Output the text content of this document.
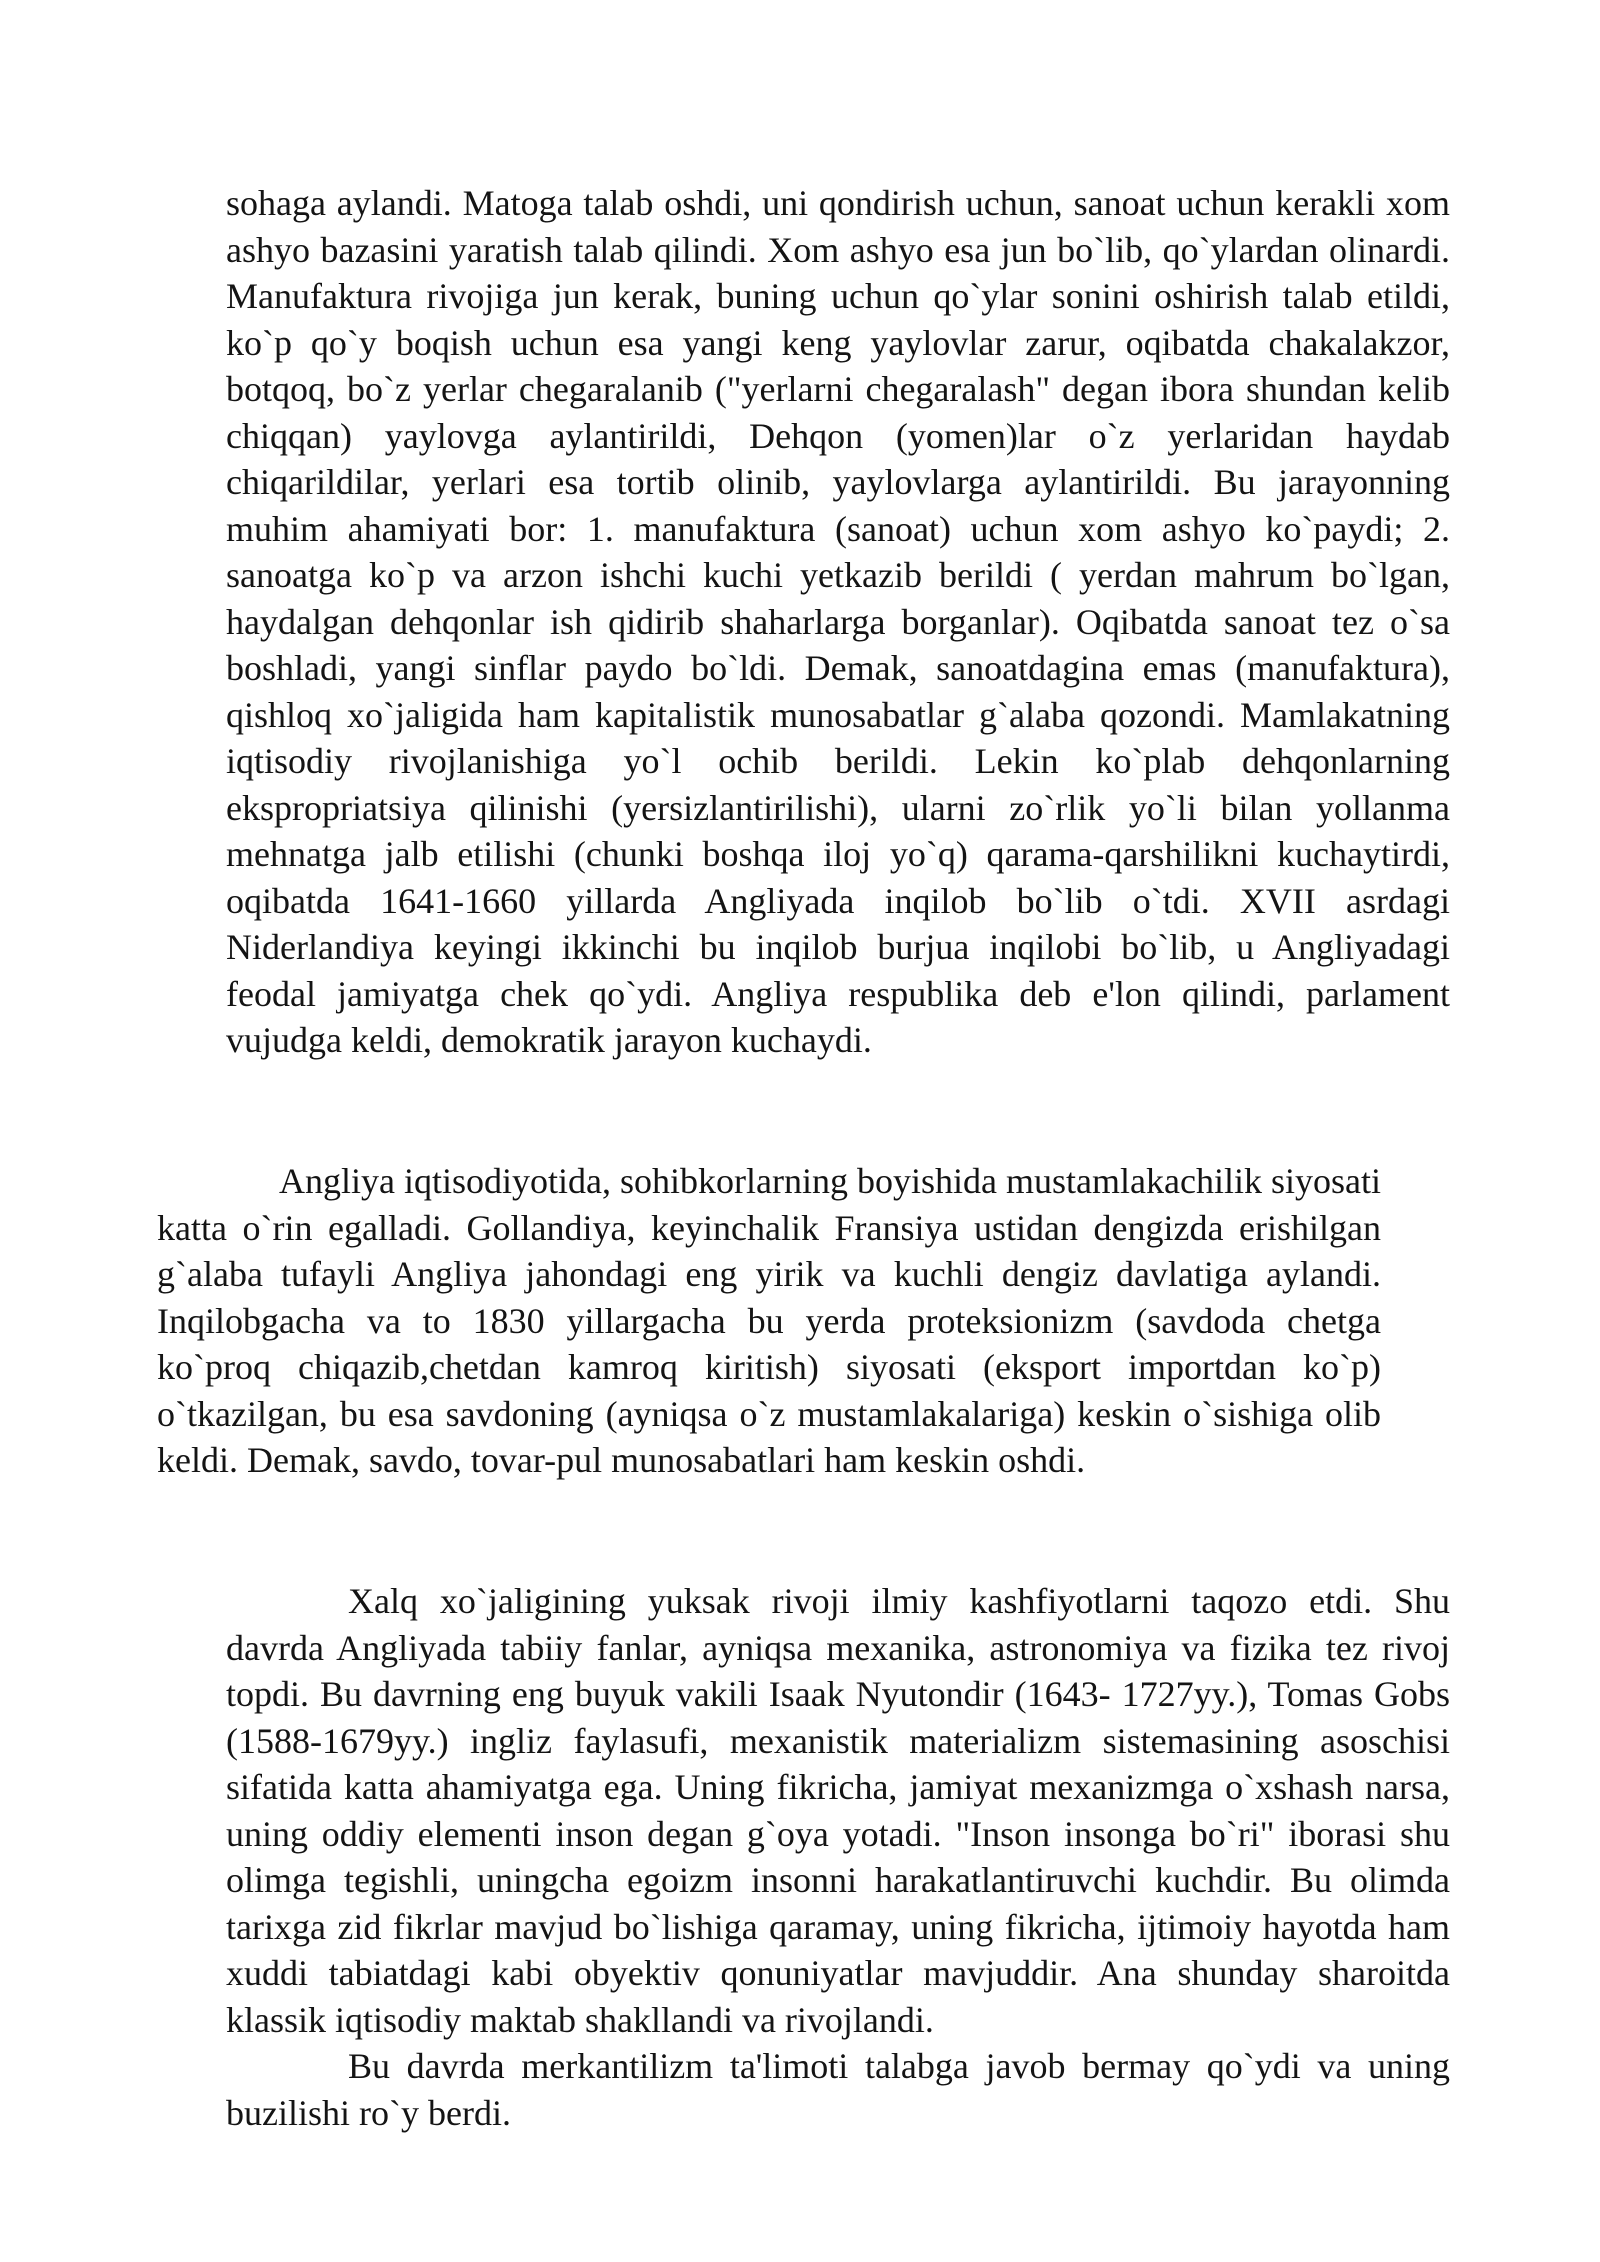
sohaga aylandi. Matoga talab oshdi, uni qondirish uchun, sanoat uchun kerakli xom ashyo bazasini yaratish talab qilindi. Xom ashyo esa jun bo`lib, qo`ylardan olinardi. Manufaktura rivojiga jun kerak, buning uchun qo`ylar sonini oshirish talab etildi, ko`p qo`y boqish uchun esa yangi keng yaylovlar zarur, oqibatda chakalakzor, botqoq, bo`z yerlar chegaralanib ("yerlarni chegaralash" degan ibora shundan kelib chiqqan) yaylovga aylantirildi, Dehqon (yomen)lar o`z yerlaridan haydab chiqarildilar, yerlari esa tortib olinib, yaylovlarga aylantirildi. Bu jarayonning muhim ahamiyati bor: 1. manufaktura (sanoat) uchun xom ashyo ko`paydi; 2. sanoatga ko`p va arzon ishchi kuchi yetkazib berildi ( yerdan mahrum bo`lgan, haydalgan dehqonlar ish qidirib shaharlarga borganlar). Oqibatda sanoat tez o`sa boshladi, yangi sinflar paydo bo`ldi. Demak, sanoatdagina emas (manufaktura), qishloq xo`jaligida ham kapitalistik munosabatlar g`alaba qozondi. Mamlakatning iqtisodiy rivojlanishiga yo`l ochib berildi. Lekin ko`plab dehqonlarning ekspropriatsiya qilinishi (yersizlantirilishi), ularni zo`rlik yo`li bilan yollanma mehnatga jalb etilishi (chunki boshqa iloj yo`q) qarama-qarshilikni kuchaytirdi, oqibatda 1641-1660 yillarda Angliyada inqilob bo`lib o`tdi. XVII asrdagi Niderlandiya keyingi ikkinchi bu inqilob burjua inqilobi bo`lib, u Angliyadagi feodal jamiyatga chek qo`ydi. Angliya respublika deb e'lon qilindi, parlament vujudga keldi, demokratik jarayon kuchaydi.

Angliya iqtisodiyotida, sohibkorlarning boyishida mustamlakachilik siyosati katta o`rin egalladi. Gollandiya, keyinchalik Fransiya ustidan dengizda erishilgan g`alaba tufayli Angliya jahondagi eng yirik va kuchli dengiz davlatiga aylandi. Inqilobgacha va to 1830 yillargacha bu yerda proteksionizm (savdoda chetga ko`proq chiqazib,chetdan kamroq kiritish) siyosati (eksport importdan ko`p) o`tkazilgan, bu esa savdoning (ayniqsa o`z mustamlakalariga) keskin o`sishiga olib keldi. Demak, savdo, tovar-pul munosabatlari ham keskin oshdi.

Xalq xo`jaligining yuksak rivoji ilmiy kashfiyotlarni taqozo etdi. Shu davrda Angliyada tabiiy fanlar, ayniqsa mexanika, astronomiya va fizika tez rivoj topdi. Bu davrning eng buyuk vakili Isaak Nyutondir (1643- 1727yy.), Tomas Gobs (1588-1679yy.) ingliz faylasufi, mexanistik materializm sistemasining asoschisi sifatida katta ahamiyatga ega. Uning fikricha, jamiyat mexanizmga o`xshash narsa, uning oddiy elementi inson degan g`oya yotadi. "Inson insonga bo`ri" iborasi shu olimga tegishli, uningcha egoizm insonni harakatlantiruvchi kuchdir. Bu olimda tarixga zid fikrlar mavjud bo`lishiga qaramay, uning fikricha, ijtimoiy hayotda ham xuddi tabiatdagi kabi obyektiv qonuniyatlar mavjuddir. Ana shunday sharoitda klassik iqtisodiy maktab shakllandi va rivojlandi.

Bu davrda merkantilizm ta'limoti talabga javob bermay qo`ydi va uning buzilishi ro`y berdi.
